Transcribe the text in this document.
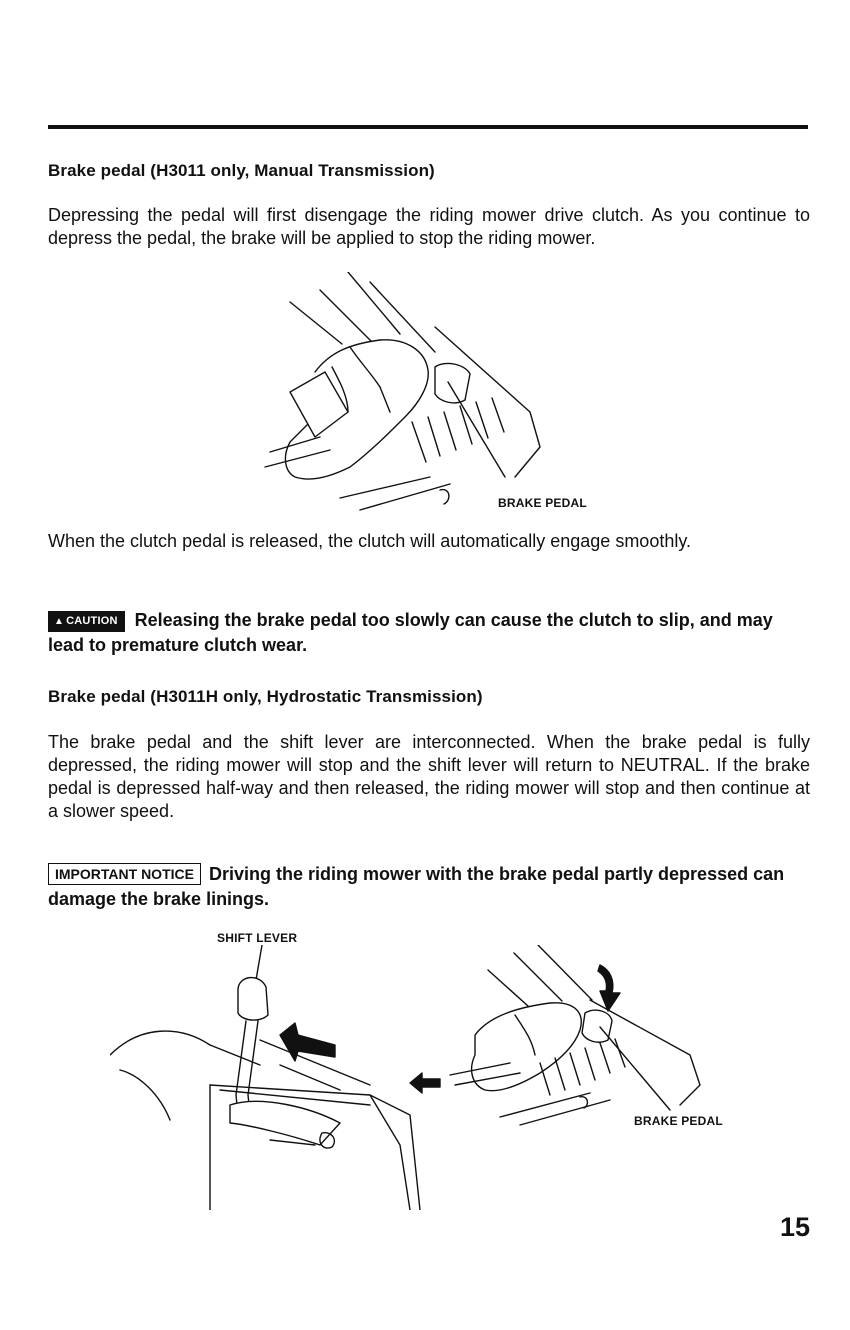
Brake pedal (H3011 only, Manual Transmission)

Depressing the pedal will first disengage the riding mower drive clutch. As you continue to depress the pedal, the brake will be applied to stop the riding mower.

BRAKE PEDAL

When the clutch pedal is released, the clutch will automatically engage smoothly.

▲ CAUTION Releasing the brake pedal too slowly can cause the clutch to slip, and may lead to premature clutch wear.
Brake pedal (H3011H only, Hydrostatic Transmission)

The brake pedal and the shift lever are interconnected. When the brake pedal is fully depressed, the riding mower will stop and the shift lever will return to NEUTRAL. If the brake pedal is depressed half-way and then released, the riding mower will stop and then continue at a slower speed.

IMPORTANT NOTICE Driving the riding mower with the brake pedal partly depressed can damage the brake linings.
SHIFT LEVER
BRAKE PEDAL
15
